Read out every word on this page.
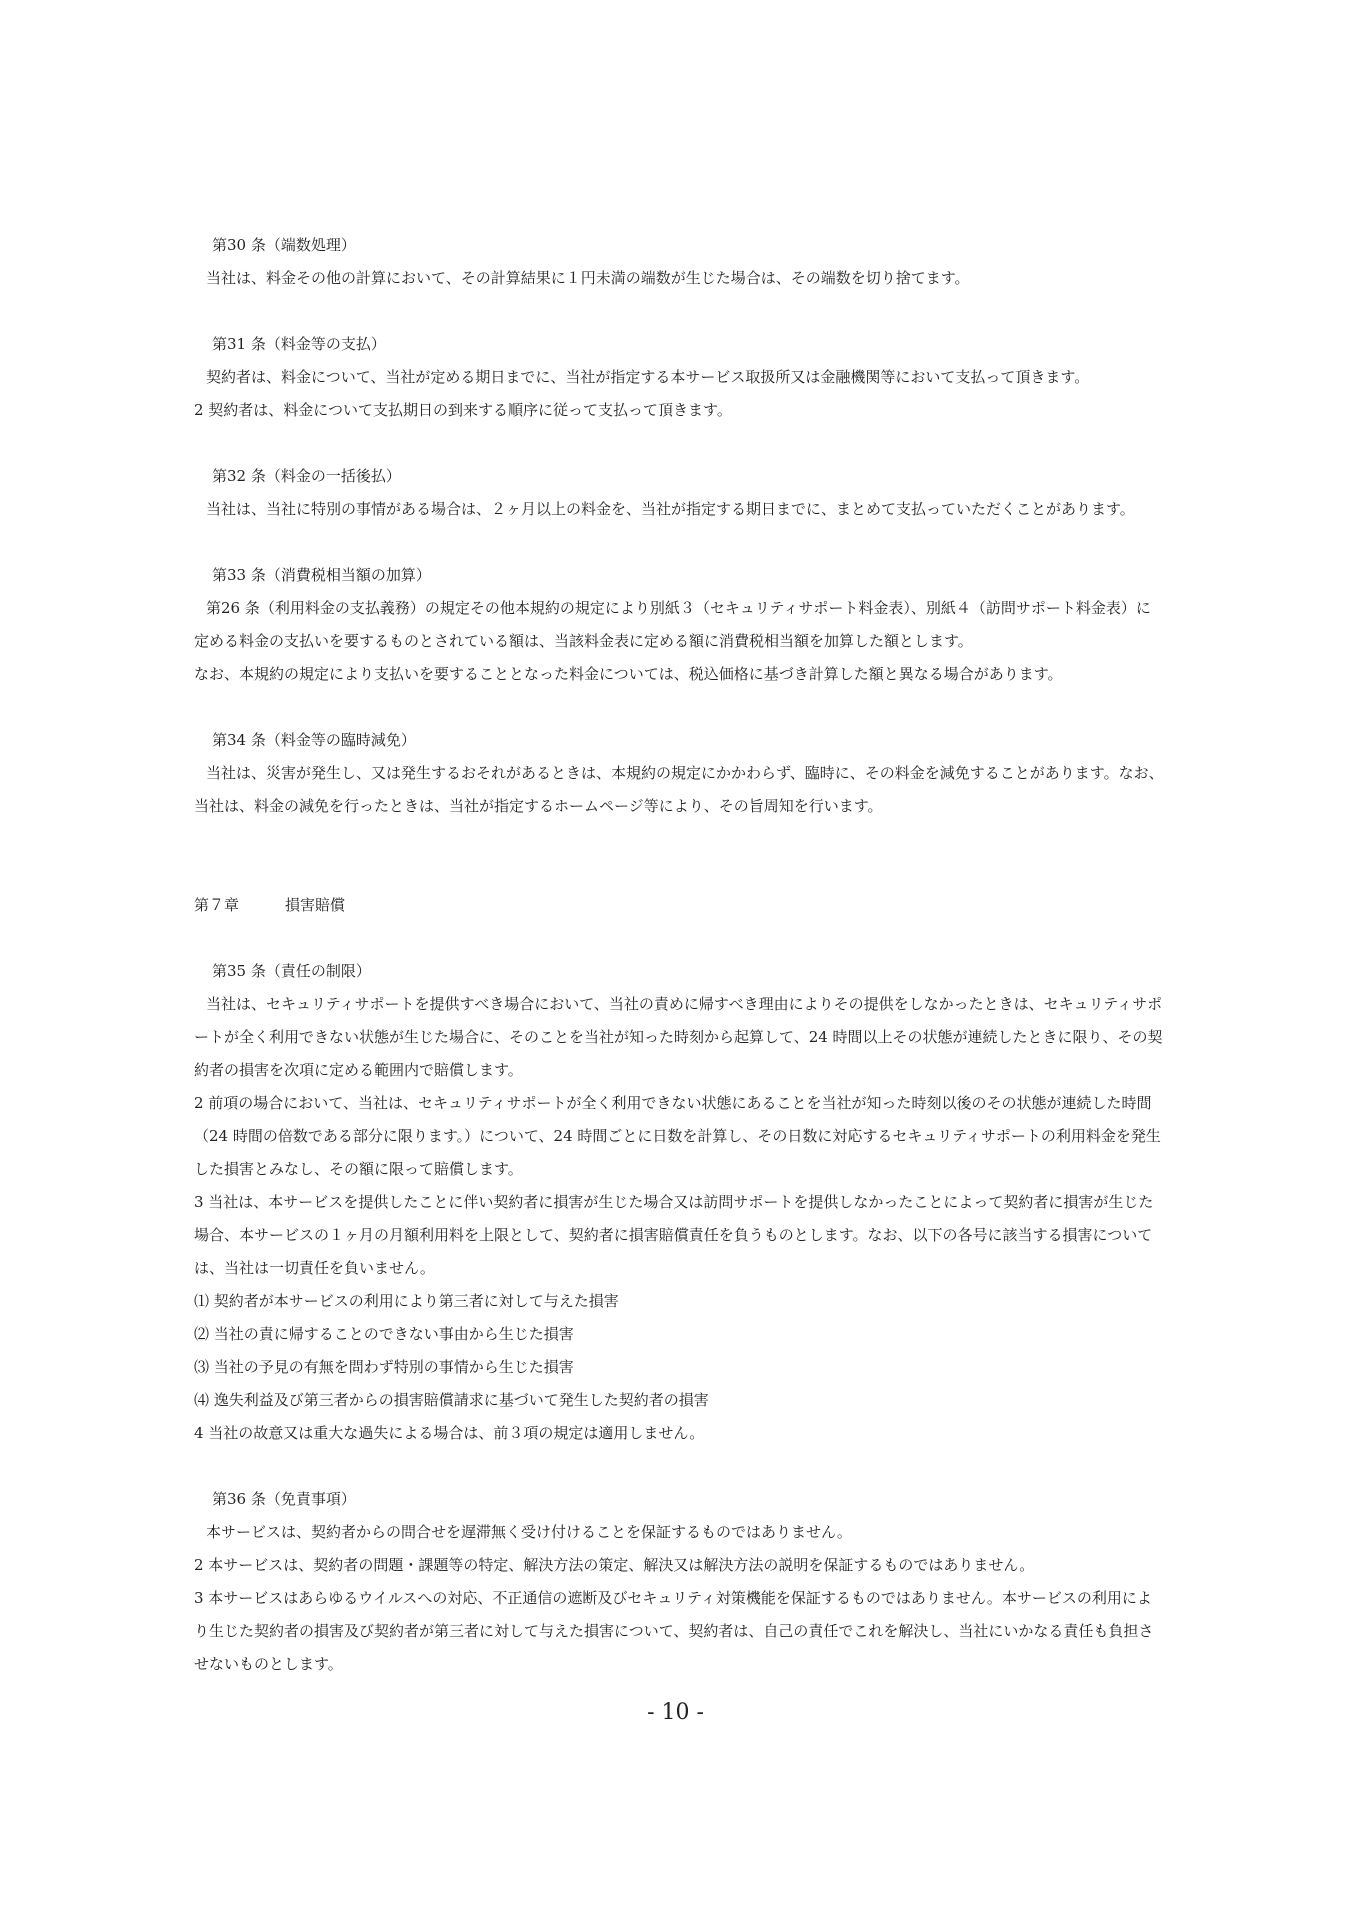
第30 条（端数処理）
当社は、料金その他の計算において、その計算結果に１円未満の端数が生じた場合は、その端数を切り捨てます。
第31 条（料金等の支払）
契約者は、料金について、当社が定める期日までに、当社が指定する本サービス取扱所又は金融機関等において支払って頂きます。
2 契約者は、料金について支払期日の到来する順序に従って支払って頂きます。
第32 条（料金の一括後払）
当社は、当社に特別の事情がある場合は、２ヶ月以上の料金を、当社が指定する期日までに、まとめて支払っていただくことがあります。
第33 条（消費税相当額の加算）
第26 条（利用料金の支払義務）の規定その他本規約の規定により別紙３（セキュリティサポート料金表）、別紙４（訪問サポート料金表）に定める料金の支払いを要するものとされている額は、当該料金表に定める額に消費税相当額を加算した額とします。
なお、本規約の規定により支払いを要することとなった料金については、税込価格に基づき計算した額と異なる場合があります。
第34 条（料金等の臨時減免）
当社は、災害が発生し、又は発生するおそれがあるときは、本規約の規定にかかわらず、臨時に、その料金を減免することがあります。なお、当社は、料金の減免を行ったときは、当社が指定するホームページ等により、その旨周知を行います。
第７章	損害賠償
第35 条（責任の制限）
当社は、セキュリティサポートを提供すべき場合において、当社の責めに帰すべき理由によりその提供をしなかったときは、セキュリティサポートが全く利用できない状態が生じた場合に、そのことを当社が知った時刻から起算して、24 時間以上その状態が連続したときに限り、その契約者の損害を次項に定める範囲内で賠償します。
2 前項の場合において、当社は、セキュリティサポートが全く利用できない状態にあることを当社が知った時刻以後のその状態が連続した時間（24 時間の倍数である部分に限ります。）について、24 時間ごとに日数を計算し、その日数に対応するセキュリティサポートの利用料金を発生した損害とみなし、その額に限って賠償します。
3 当社は、本サービスを提供したことに伴い契約者に損害が生じた場合又は訪問サポートを提供しなかったことによって契約者に損害が生じた場合、本サービスの１ヶ月の月額利用料を上限として、契約者に損害賠償責任を負うものとします。なお、以下の各号に該当する損害については、当社は一切責任を負いません。
⑴ 契約者が本サービスの利用により第三者に対して与えた損害
⑵ 当社の責に帰することのできない事由から生じた損害
⑶ 当社の予見の有無を問わず特別の事情から生じた損害
⑷ 逸失利益及び第三者からの損害賠償請求に基づいて発生した契約者の損害
4 当社の故意又は重大な過失による場合は、前３項の規定は適用しません。
第36 条（免責事項）
本サービスは、契約者からの問合せを遅滞無く受け付けることを保証するものではありません。
2 本サービスは、契約者の問題・課題等の特定、解決方法の策定、解決又は解決方法の説明を保証するものではありません。
3 本サービスはあらゆるウイルスへの対応、不正通信の遮断及びセキュリティ対策機能を保証するものではありません。本サービスの利用により生じた契約者の損害及び契約者が第三者に対して与えた損害について、契約者は、自己の責任でこれを解決し、当社にいかなる責任も負担させないものとします。
- 10 -
